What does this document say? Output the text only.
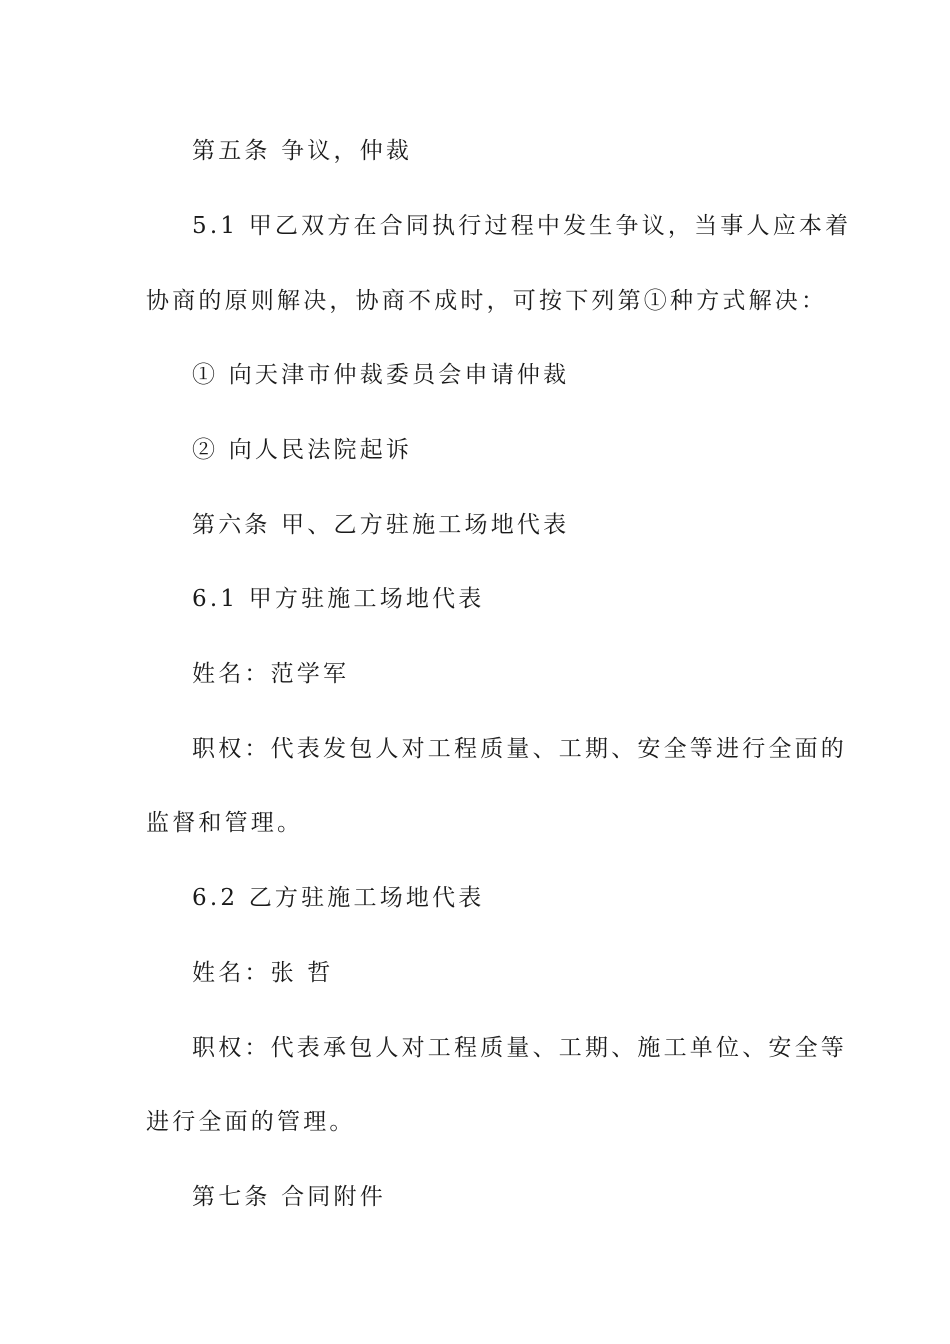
第五条 争议，仲裁
5.1 甲乙双方在合同执行过程中发生争议，当事人应本着
协商的原则解决，协商不成时，可按下列第①种方式解决：
① 向天津市仲裁委员会申请仲裁
② 向人民法院起诉
第六条 甲、乙方驻施工场地代表
6.1 甲方驻施工场地代表
姓名：范学军
职权：代表发包人对工程质量、工期、安全等进行全面的
监督和管理。
6.2 乙方驻施工场地代表
姓名：张 哲
职权：代表承包人对工程质量、工期、施工单位、安全等
进行全面的管理。
第七条 合同附件
